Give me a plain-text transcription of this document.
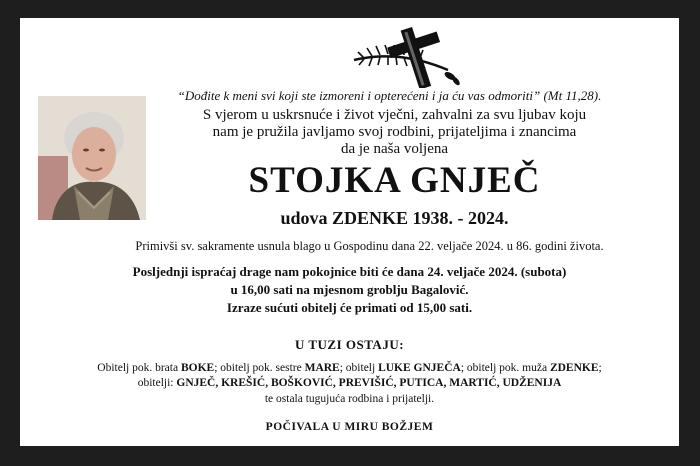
“Dođite k meni svi koji ste izmoreni i opterećeni i ja ću vas odmoriti” (Mt 11,28).
S vjerom u uskrsnuće i život vječni, zahvalni za svu ljubav koju
nam je pružila javljamo svoj rodbini, prijateljima i znancima
da je naša voljena
STOJKA GNJEČ
udova ZDENKE 1938. - 2024.
Primivši sv. sakramente usnula blago u Gospodinu dana 22. veljače 2024. u 86. godini života.
Posljednji ispraćaj drage nam pokojnice biti će dana 24. veljače 2024. (subota)
u 16,00 sati na mjesnom groblju Bagalović.
Izraze sućuti obitelj će primati od 15,00 sati.
U TUZI OSTAJU:
Obitelj pok. brata BOKE; obitelj pok. sestre MARE; obitelj LUKE GNJEČA; obitelj pok. muža ZDENKE;
obitelji: GNJEČ, KREŠIĆ, BOŠKOVIĆ, PREVIŠIĆ, PUTICA, MARTIĆ, UDŽENIJA
te ostala tugujuća rodbina i prijatelji.
POČIVALA U MIRU BOŽJEM
